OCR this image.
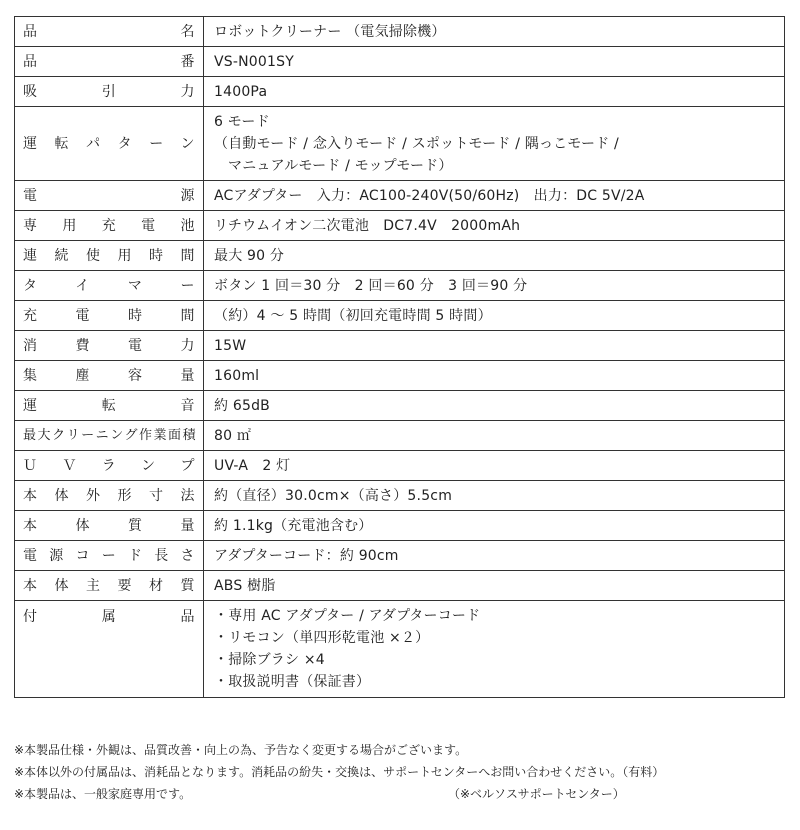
品名	ロボットクリーナー （電気掃除機）
品番	VS-N001SY
吸引力	1400Pa
運転パターン	6 モード
（自動モード / 念入りモード / スポットモード / 隅っこモード /
マニュアルモード / モップモード）

電源	ACアダプター　入力：AC100-240V(50/60Hz)　出力：DC 5V/2A
専用充電池	リチウムイオン二次電池　DC7.4V　2000mAh
連続使用時間	最大 90 分
タイマー	ボタン 1 回＝30 分　2 回＝60 分　3 回＝90 分
充電時間	（約）4 ～ 5 時間（初回充電時間 5 時間）
消費電力	15W
集塵容量	160ml
運転音	約 65dB
最大クリーニング作業面積	80 ㎡
ＵＶランプ	UV-A　2 灯
本体外形寸法	約（直径）30.0cm×（高さ）5.5cm
本体質量	約 1.1kg（充電池含む）
電源コード長さ	アダプターコード：約 90cm
本体主要材質	ABS 樹脂
付属品	・専用 AC アダプター / アダプターコード
・リモコン（単四形乾電池 ×２）
・掃除ブラシ ×4
・取扱説明書（保証書）
※本製品仕様・外観は、品質改善・向上の為、予告なく変更する場合がございます。
※本体以外の付属品は、消耗品となります。消耗品の紛失・交換は、サポートセンターへお問い合わせください。（有料）
※本製品は、一般家庭専用です。	（※ベルソスサポートセンター）
